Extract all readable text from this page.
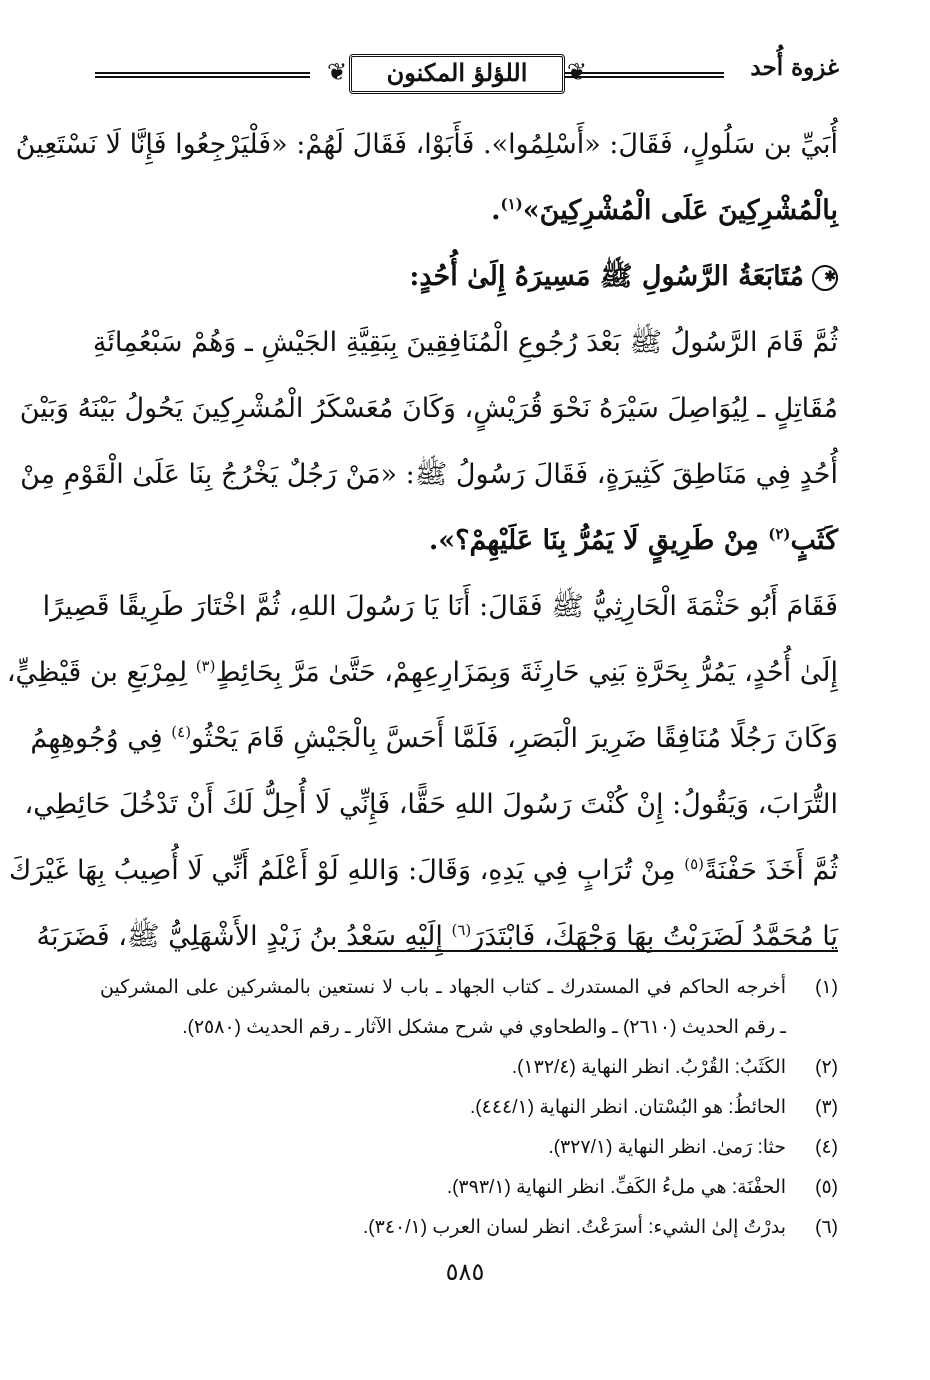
غزوة أُحد
❦
اللؤلؤ المكنون
❦
أُبَيِّ بن سَلُولٍ، فَقَالَ: «أَسْلِمُوا». فَأَبَوْا، فَقَالَ لَهُمْ: «فَلْيَرْجِعُوا فَإِنَّا لَا نَسْتَعِينُ
بِالْمُشْرِكِينَ عَلَى الْمُشْرِكِينَ»$^{(١)}$.
✱مُتَابَعَةُ الرَّسُولِ ﷺ مَسِيرَهُ إِلَىٰ أُحُدٍ:
ثُمَّ قَامَ الرَّسُولُ ﷺ بَعْدَ رُجُوعِ الْمُنَافِقِينَ بِبَقِيَّةِ الجَيْشِ ـ وَهُمْ سَبْعُمِائَةِ
مُقَاتِلٍ ـ لِيُوَاصِلَ سَيْرَهُ نَحْوَ قُرَيْشٍ، وَكَانَ مُعَسْكَرُ الْمُشْرِكِينَ يَحُولُ بَيْنَهُ وَبَيْنَ
أُحُدٍ فِي مَنَاطِقَ كَثِيرَةٍ، فَقَالَ رَسُولُ ﷺ: «مَنْ رَجُلٌ يَخْرُجُ بِنَا عَلَىٰ الْقَوْمِ مِنْ
كَثَبٍ$^{(٢)}$ مِنْ طَرِيقٍ لَا يَمُرُّ بِنَا عَلَيْهِمْ؟».
فَقَامَ أَبُو حَثْمَةَ الْحَارِثِيُّ ﷺ فَقَالَ: أَنَا يَا رَسُولَ اللهِ، ثُمَّ اخْتَارَ طَرِيقًا قَصِيرًا
إِلَىٰ أُحُدٍ، يَمُرُّ بِحَرَّةِ بَنِي حَارِثَةَ وَبِمَزَارِعِهِمْ، حَتَّىٰ مَرَّ بِحَائِطٍ$^{(٣)}$ لِمِرْبَعِ بن قَيْظِيٍّ،
وَكَانَ رَجُلًا مُنَافِقًا ضَرِيرَ الْبَصَرِ، فَلَمَّا أَحَسَّ بِالْجَيْشِ قَامَ يَحْثُو$^{(٤)}$ فِي وُجُوهِهِمُ
التُّرَابَ، وَيَقُولُ: إِنْ كُنْتَ رَسُولَ اللهِ حَقًّا، فَإِنِّي لَا أُحِلُّ لَكَ أَنْ تَدْخُلَ حَائِطِي،
ثُمَّ أَخَذَ حَفْنَةً$^{(٥)}$ مِنْ تُرَابٍ فِي يَدِهِ، وَقَالَ: وَاللهِ لَوْ أَعْلَمُ أَنِّي لَا أُصِيبُ بِهَا غَيْرَكَ
يَا مُحَمَّدُ لَضَرَبْتُ بِهَا وَجْهَكَ، فَابْتَدَرَ$^{(٦)}$ إِلَيْهِ سَعْدُ بنُ زَيْدٍ الأَشْهَلِيُّ ﷺ، فَضَرَبَهُ
(١)أخرجه الحاكم في المستدرك ـ كتاب الجهاد ـ باب لا نستعين بالمشركين على المشركين
ـ رقم الحديث (٢٦١٠) ـ والطحاوي في شرح مشكل الآثار ـ رقم الحديث (٢٥٨٠).
(٢)الكَثَبُ: القُرْبُ. انظر النهاية (١٣٢/٤).
(٣)الحائطُ: هو البُسْتان. انظر النهاية (٤٤٤/١).
(٤)حثا: رَمىٰ. انظر النهاية (٣٢٧/١).
(٥)الحفْنَة: هي ملءُ الكَفِّ. انظر النهاية (٣٩٣/١).
(٦)بدرْتُ إلىٰ الشيء: أسرَعْتُ. انظر لسان العرب (٣٤٠/١).
٥٨٥
